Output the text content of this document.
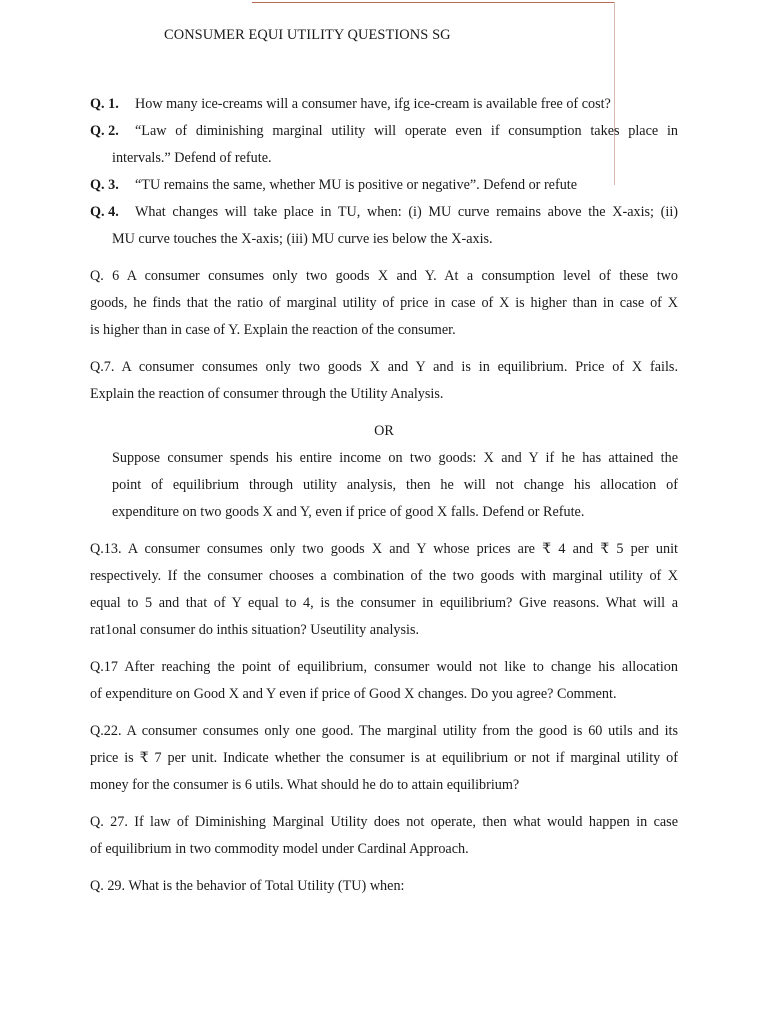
CONSUMER EQUI UTILITY QUESTIONS SG
Q. 1.	How many ice-creams will a consumer have, ifg ice-cream is available free of cost?
Q. 2.	“Law of diminishing marginal utility will operate even if consumption takes place in
intervals.” Defend of refute.
Q. 3.	“TU remains the same, whether MU is positive or negative”. Defend or refute
Q. 4.	What changes will take place in TU, when: (i) MU curve remains above the X-axis; (ii)
MU curve touches the X-axis; (iii) MU curve ies below the X-axis.
Q. 6 A consumer consumes only two goods X and Y. At a consumption level of these two
goods, he finds that the ratio of marginal utility of price in case of X is higher than in case of X
is higher than in case of Y. Explain the reaction of the consumer.
Q.7. A consumer consumes only two goods X and Y and is in equilibrium. Price of X fails.
Explain the reaction of consumer through the Utility Analysis.
OR
Suppose consumer spends his entire income on two goods: X and Y if he has attained the
point of equilibrium through utility analysis, then he will not change his allocation of
expenditure on two goods X and Y, even if price of good X falls. Defend or Refute.
Q.13. A consumer consumes only two goods X and Y whose prices are ₹ 4 and ₹ 5 per unit
respectively. If the consumer chooses a combination of the two goods with marginal utility of X
equal to 5 and that of Y equal to 4, is the consumer in equilibrium? Give reasons. What will a
rat1onal consumer do inthis situation? Useutility analysis.
Q.17 After reaching the point of equilibrium, consumer would not like to change his allocation
of expenditure on Good X and Y even if price of Good X changes. Do you agree? Comment.
Q.22. A consumer consumes only one good. The marginal utility from the good is 60 utils and its
price is ₹ 7 per unit. Indicate whether the consumer is at equilibrium or not if marginal utility of
money for the consumer is 6 utils. What should he do to attain equilibrium?
Q. 27. If law of Diminishing Marginal Utility does not operate, then what would happen in case
of equilibrium in two commodity model under Cardinal Approach.
Q. 29. What is the behavior of Total Utility (TU) when:
